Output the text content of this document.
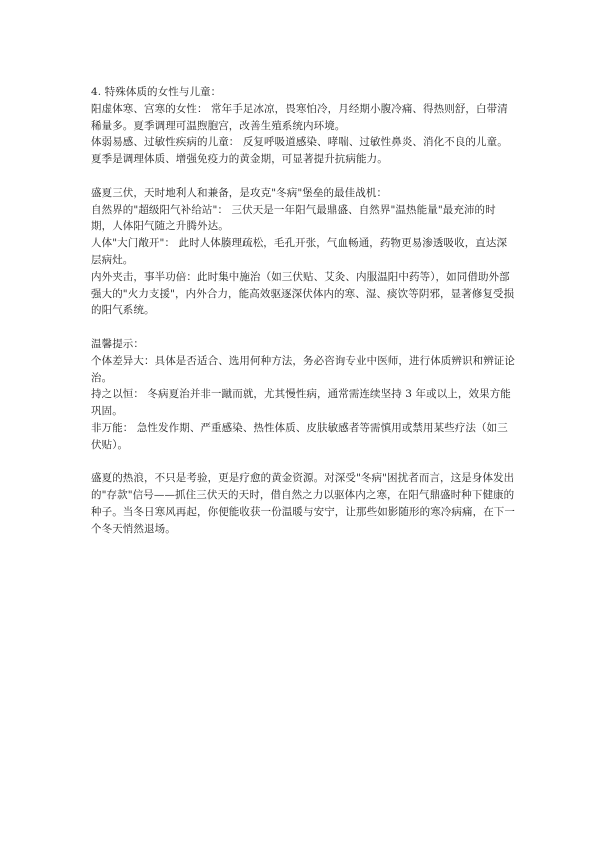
4. 特殊体质的女性与儿童：

阳虚体寒、宫寒的女性： 常年手足冰凉，畏寒怕冷，月经期小腹冷痛、得热则舒，白带清稀量多。夏季调理可温煦胞宫，改善生殖系统内环境。

体弱易感、过敏性疾病的儿童： 反复呼吸道感染、哮喘、过敏性鼻炎、消化不良的儿童。夏季是调理体质、增强免疫力的黄金期，可显著提升抗病能力。

盛夏三伏，天时地利人和兼备，是攻克"冬病"堡垒的最佳战机：

自然界的"超级阳气补给站"： 三伏天是一年阳气最鼎盛、自然界"温热能量"最充沛的时期，人体阳气随之升腾外达。

人体"大门敞开"： 此时人体腠理疏松，毛孔开张，气血畅通，药物更易渗透吸收，直达深层病灶。

内外夹击，事半功倍：此时集中施治（如三伏贴、艾灸、内服温阳中药等），如同借助外部强大的"火力支援"，内外合力，能高效驱逐深伏体内的寒、湿、痰饮等阴邪，显著修复受损的阳气系统。

温馨提示：

个体差异大：具体是否适合、选用何种方法，务必咨询专业中医师，进行体质辨识和辨证论治。

持之以恒： 冬病夏治并非一蹴而就，尤其慢性病，通常需连续坚持 3 年或以上，效果方能巩固。

非万能： 急性发作期、严重感染、热性体质、皮肤敏感者等需慎用或禁用某些疗法（如三伏贴）。

盛夏的热浪，不只是考验，更是疗愈的黄金资源。对深受"冬病"困扰者而言，这是身体发出的"存款"信号——抓住三伏天的天时，借自然之力以驱体内之寒，在阳气鼎盛时种下健康的种子。当冬日寒风再起，你便能收获一份温暖与安宁，让那些如影随形的寒冷病痛，在下一个冬天悄然退场。
